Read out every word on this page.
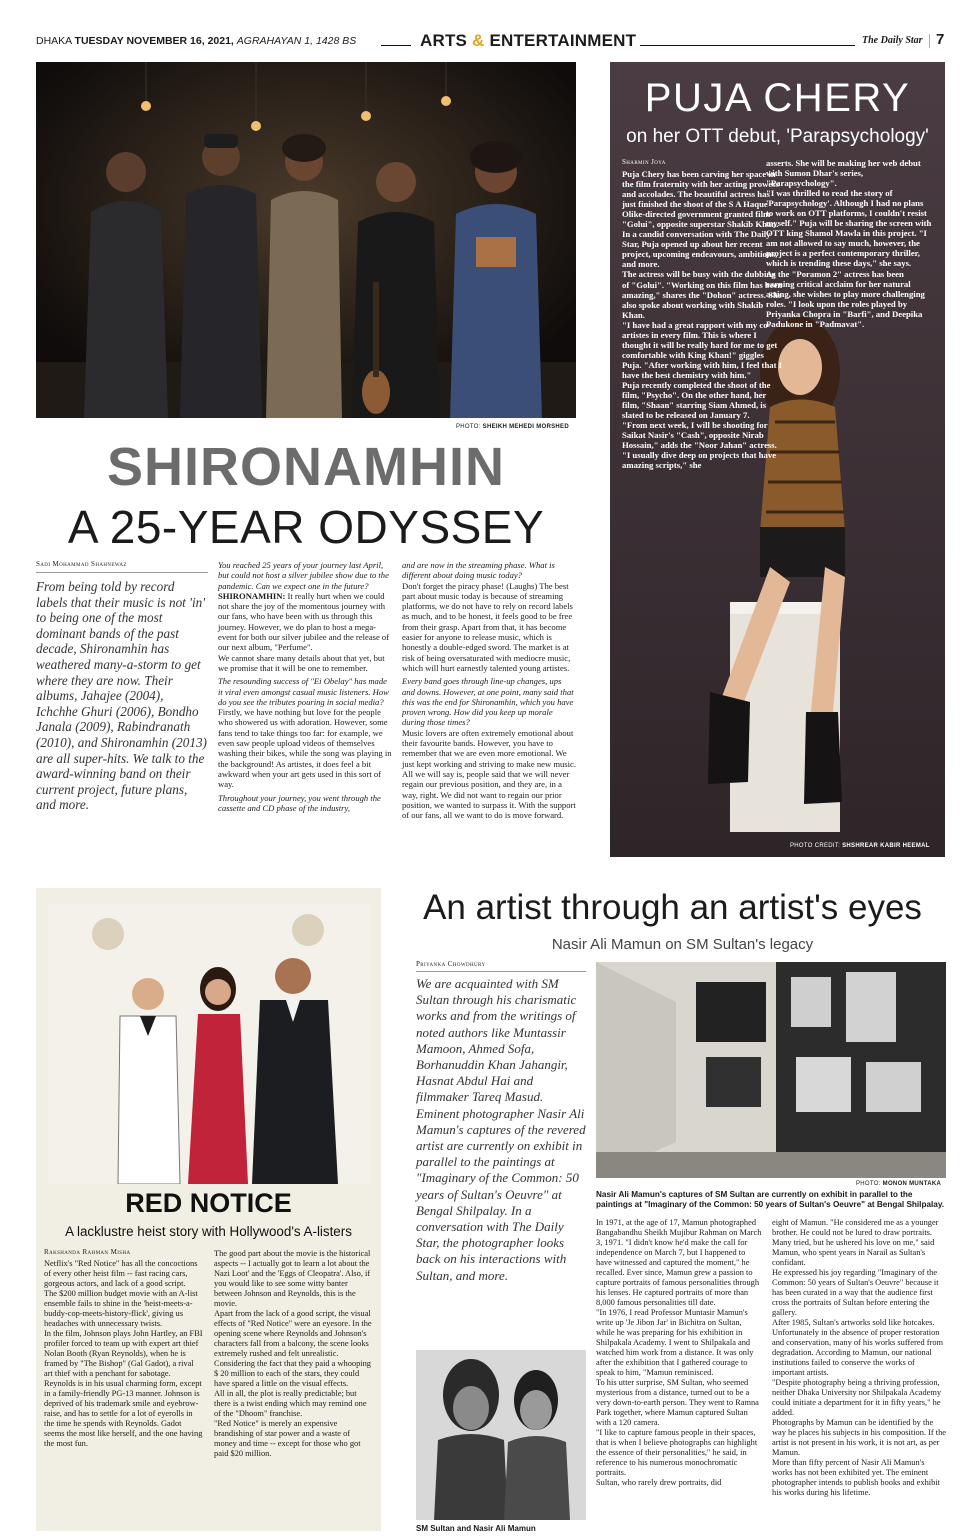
DHAKA TUESDAY NOVEMBER 16, 2021, AGRAHAYAN 1, 1428 BS	ARTS & ENTERTAINMENT	The Daily Star 7
PHOTO: SHEIKH MEHEDI MORSHED
SHIRONAMHIN
A 25-YEAR ODYSSEY
Sadi Mohammad Shahnewaz
From being told by record labels that their music is not 'in' to being one of the most dominant bands of the past decade, Shironamhin has weathered many-a-storm to get where they are now. Their albums, Jahajee (2004), Ichchhe Ghuri (2006), Bondho Janala (2009), Rabindranath (2010), and Shironamhin (2013) are all super-hits. We talk to the award-winning band on their current project, future plans, and more.
You reached 25 years of your journey last April, but could not host a silver jubilee show due to the pandemic. Can we expect one in the future?
SHIRONAMHIN: It really hurt when we could not share the joy of the momentous journey with our fans, who have been with us through this journey. However, we do plan to host a mega-event for both our silver jubilee and the release of our next album, "Perfume".
We cannot share many details about that yet, but we promise that it will be one to remember.
The resounding success of "Ei Obelay" has made it viral even amongst casual music listeners. How do you see the tributes pouring in social media?
Firstly, we have nothing but love for the people who showered us with adoration. However, some fans tend to take things too far: for example, we even saw people upload videos of themselves washing their bikes, while the song was playing in the background! As artistes, it does feel a bit awkward when your art gets used in this sort of way.
Throughout your journey, you went through the cassette and CD phase of the industry,
and are now in the streaming phase. What is different about doing music today?
Don't forget the piracy phase! (Laughs) The best part about music today is because of streaming platforms, we do not have to rely on record labels as much, and to be honest, it feels good to be free from their grasp. Apart from that, it has become easier for anyone to release music, which is honestly a double-edged sword. The market is at risk of being oversaturated with mediocre music, which will hurt earnestly talented young artistes.
Every band goes through line-up changes, ups and downs. However, at one point, many said that this was the end for Shironamhin, which you have proven wrong. How did you keep up morale during those times?
Music lovers are often extremely emotional about their favourite bands. However, you have to remember that we are even more emotional. We just kept working and striving to make new music. All we will say is, people said that we will never regain our previous position, and they are, in a way, right. We did not want to regain our prior position, we wanted to surpass it. With the support of our fans, all we want to do is move forward.
PUJA CHERY
on her OTT debut, 'Parapsychology'
Sharmin Joya
Puja Chery has been carving her space in the film fraternity with her acting prowess and accolades. The beautiful actress has just finished the shoot of the S A Haque Olike-directed government granted film "Golui", opposite superstar Shakib Khan.
In a candid conversation with The Daily Star, Puja opened up about her recent project, upcoming endeavours, ambitions, and more.
The actress will be busy with the dubbing of "Golui". "Working on this film has been amazing," shares the "Dohon" actress. She also spoke about working with Shakib Khan.
"I have had a great rapport with my co-artistes in every film. This is where I thought it will be really hard for me to get comfortable with King Khan!" giggles Puja. "After working with him, I feel that I have the best chemistry with him."
Puja recently completed the shoot of the film, "Psycho". On the other hand, her film, "Shaan" starring Siam Ahmed, is slated to be released on January 7.
"From next week, I will be shooting for Saikat Nasir's "Cash", opposite Nirab Hossain," adds the "Noor Jahan" actress.
"I usually dive deep on projects that have amazing scripts," she
asserts. She will be making her web debut with Sumon Dhar's series, "Parapsychology".
"I was thrilled to read the story of 'Parapsychology'. Although I had no plans to work on OTT platforms, I couldn't resist myself." Puja will be sharing the screen with OTT king Shamol Mawla in this project. "I am not allowed to say much, however, the project is a perfect contemporary thriller, which is trending these days," she says.
As the "Poramon 2" actress has been earning critical acclaim for her natural acting, she wishes to play more challenging roles. "I look upon the roles played by Priyanka Chopra in "Barfi", and Deepika Padukone in "Padmavat".
PHOTO CREDIT: SHSHREAR KABIR HEEMAL
RED NOTICE
A lacklustre heist story with Hollywood's A-listers
Rakshanda Rahman Misha
Netflix's "Red Notice" has all the concoctions of every other heist film -- fast racing cars, gorgeous actors, and lack of a good script.
The $200 million budget movie with an A-list ensemble fails to shine in the 'heist-meets-a-buddy-cop-meets-history-flick', giving us headaches with unnecessary twists.
In the film, Johnson plays John Hartley, an FBI profiler forced to team up with expert art thief Nolan Booth (Ryan Reynolds), when he is framed by "The Bishop" (Gal Gadot), a rival art thief with a penchant for sabotage.
Reynolds is in his usual charming form, except in a family-friendly PG-13 manner. Johnson is deprived of his trademark smile and eyebrow-raise, and has to settle for a lot of eyerolls in the time he spends with Reynolds. Gadot seems the most like herself, and the one having the most fun.
The good part about the movie is the historical aspects -- I actually got to learn a lot about the Nazi Loot' and the 'Eggs of Cleopatra'. Also, if you would like to see some witty banter between Johnson and Reynolds, this is the movie.
Apart from the lack of a good script, the visual effects of "Red Notice" were an eyesore. In the opening scene where Reynolds and Johnson's characters fall from a balcony, the scene looks extremely rushed and felt unrealistic. Considering the fact that they paid a whooping $ 20 million to each of the stars, they could have spared a little on the visual effects.
All in all, the plot is really predictable; but there is a twist ending which may remind one of the "Dhoom" franchise.
"Red Notice" is merely an expensive brandishing of star power and a waste of money and time -- except for those who got paid $20 million.
An artist through an artist's eyes
Nasir Ali Mamun on SM Sultan's legacy
Priyanka Chowdhury
We are acquainted with SM Sultan through his charismatic works and from the writings of noted authors like Muntassir Mamoon, Ahmed Sofa, Borhanuddin Khan Jahangir, Hasnat Abdul Hai and filmmaker Tareq Masud. Eminent photographer Nasir Ali Mamun's captures of the revered artist are currently on exhibit in parallel to the paintings at "Imaginary of the Common: 50 years of Sultan's Oeuvre" at Bengal Shilpalay. In a conversation with The Daily Star, the photographer looks back on his interactions with Sultan, and more.
SM Sultan and Nasir Ali Mamun
PHOTO: MONON MUNTAKA
Nasir Ali Mamun's captures of SM Sultan are currently on exhibit in parallel to the paintings at "Imaginary of the Common: 50 years of Sultan's Oeuvre" at Bengal Shilpalay.
In 1971, at the age of 17, Mamun photographed Bangabandhu Sheikh Mujibur Rahman on March 3, 1971. "I didn't know he'd make the call for independence on March 7, but I happened to have witnessed and captured the moment," he recalled. Ever since, Mamun grew a passion to capture portraits of famous personalities through his lenses. He captured portraits of more than 8,000 famous personalities till date.
"In 1976, I read Professor Muntasir Mamun's write up 'Je Jibon Jar' in Bichitra on Sultan, while he was preparing for his exhibition in Shilpakala Academy. I went to Shilpakala and watched him work from a distance. It was only after the exhibition that I gathered courage to speak to him, "Mamun reminisced.
To his utter surprise, SM Sultan, who seemed mysterious from a distance, turned out to be a very down-to-earth person. They went to Ramna Park together, where Mamun captured Sultan with a 120 camera.
"I like to capture famous people in their spaces, that is when I believe photographs can highlight the essence of their personalities," he said, in reference to his numerous monochromatic portraits.
Sultan, who rarely drew portraits, did
eight of Mamun. "He considered me as a younger brother. He could not be lured to draw portraits. Many tried, but he ushered his love on me," said Mamun, who spent years in Narail as Sultan's confidant.
He expressed his joy regarding "Imaginary of the Common: 50 years of Sultan's Oeuvre" because it has been curated in a way that the audience first cross the portraits of Sultan before entering the gallery.
After 1985, Sultan's artworks sold like hotcakes. Unfortunately in the absence of proper restoration and conservation, many of his works suffered from degradation. According to Mamun, our national institutions failed to conserve the works of important artists.
"Despite photography being a thriving profession, neither Dhaka University nor Shilpakala Academy could initiate a department for it in fifty years," he added.
Photographs by Mamun can be identified by the way he places his subjects in his composition. If the artist is not present in his work, it is not art, as per Mamun.
More than fifty percent of Nasir Ali Mamun's works has not been exhibited yet. The eminent photographer intends to publish books and exhibit his works during his lifetime.
